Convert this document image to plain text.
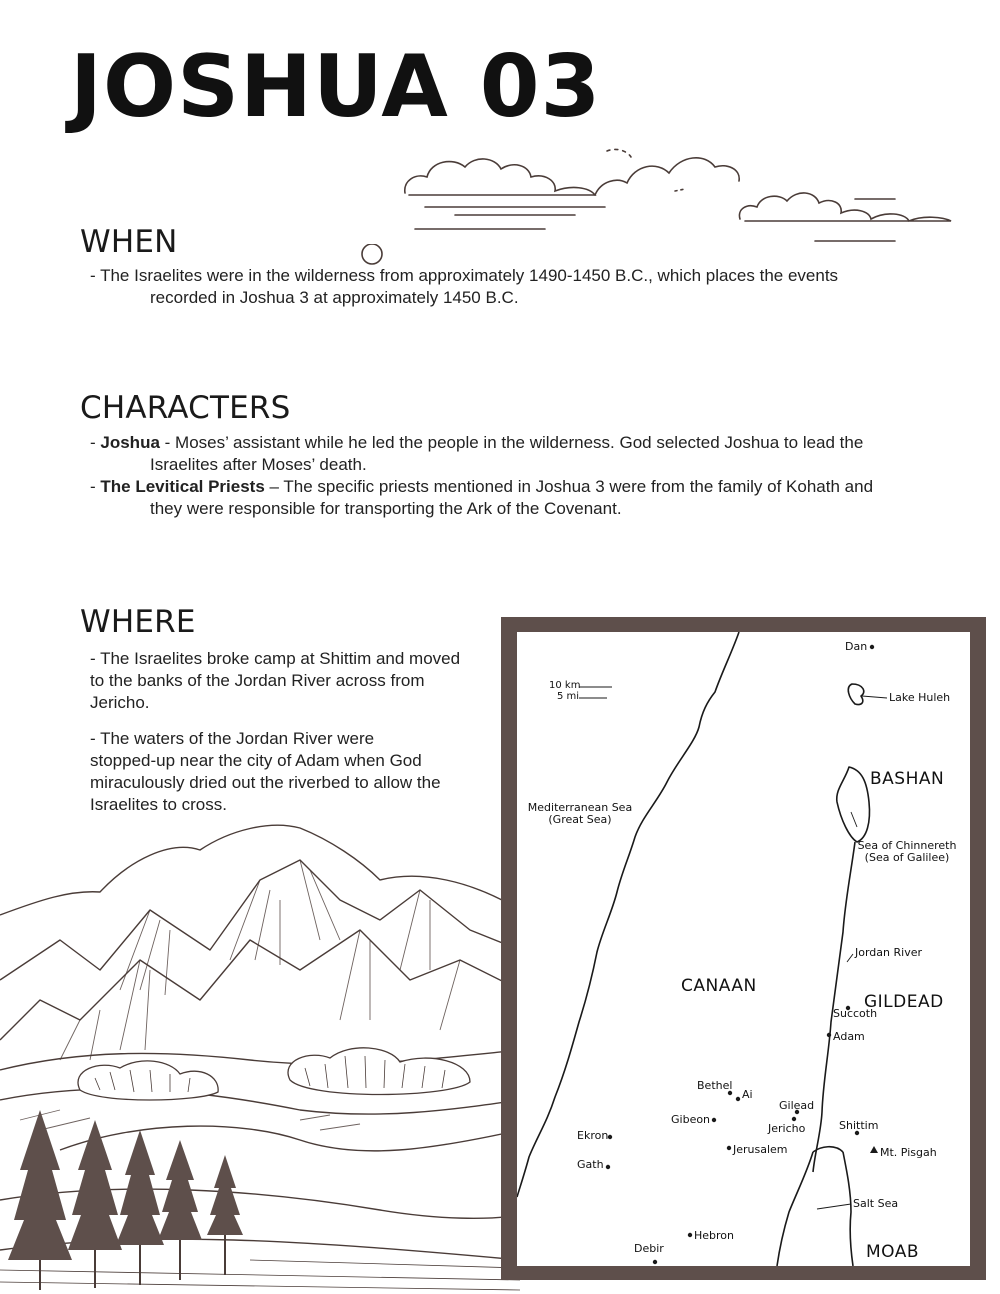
JOSHUA 03
WHEN

- The Israelites were in the wilderness from approximately 1490-1450 B.C., which places the events

recorded in Joshua 3 at approximately 1450 B.C.

CHARACTERS

- Joshua - Moses’ assistant while he led the people in the wilderness. God selected Joshua to lead the

Israelites after Moses’ death.

- The Levitical Priests – The specific priests mentioned in Joshua 3 were from the family of Kohath and

they were responsible for transporting the Ark of the Covenant.

WHERE

- The Israelites broke camp at Shittim and moved

to the banks of the Jordan River across from

Jericho.

- The waters of the Jordan River were

stopped-up near the city of Adam when God

miraculously dried out the riverbed to allow the

Israelites to cross.

10 km
5 mi
Mediterranean Sea
(Great Sea)
Sea of Chinnereth
(Sea of Galilee)
BASHAN
CANAAN
GILDEAD
MOAB
Dan
Lake Huleh
Jordan River
Succoth
Adam
Bethel
Ai
Gilead
Gibeon
Jericho	Shittim
Ekron
Jerusalem	Mt. Pisgah
Gath
Salt Sea
Hebron
Debir
